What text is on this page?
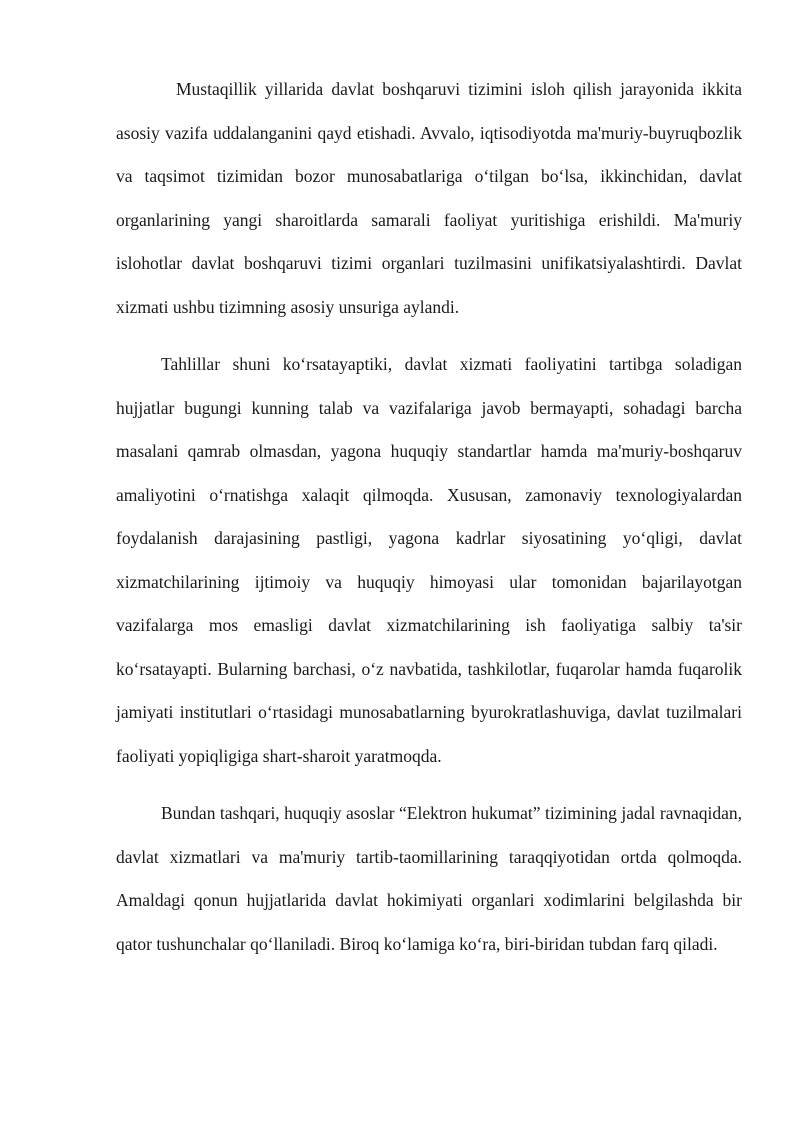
Mustaqillik yillarida davlat boshqaruvi tizimini isloh qilish jarayonida ikkita asosiy vazifa uddalanganini qayd etishadi. Avvalo, iqtisodiyotda ma'muriy-buyruqbozlik va taqsimot tizimidan bozor munosabatlariga oʻtilgan boʻlsa, ikkinchidan, davlat organlarining yangi sharoitlarda samarali faoliyat yuritishiga erishildi. Ma'muriy islohotlar davlat boshqaruvi tizimi organlari tuzilmasini unifikatsiyalashtirdi. Davlat xizmati ushbu tizimning asosiy unsuriga aylandi.

Tahlillar shuni koʻrsatayaptiki, davlat xizmati faoliyatini tartibga soladigan hujjatlar bugungi kunning talab va vazifalariga javob bermayapti, sohadagi barcha masalani qamrab olmasdan, yagona huquqiy standartlar hamda ma'muriy-boshqaruv amaliyotini oʻrnatishga xalaqit qilmoqda. Xususan, zamonaviy texnologiyalardan foydalanish darajasining pastligi, yagona kadrlar siyosatining yoʻqligi, davlat xizmatchilarining ijtimoiy va huquqiy himoyasi ular tomonidan bajarilayotgan vazifalarga mos emasligi davlat xizmatchilarining ish faoliyatiga salbiy ta'sir koʻrsatayapti. Bularning barchasi, oʻz navbatida, tashkilotlar, fuqarolar hamda fuqarolik jamiyati institutlari oʻrtasidagi munosabatlarning byurokratlashuviga, davlat tuzilmalari faoliyati yopiqligiga shart-sharoit yaratmoqda.

Bundan tashqari, huquqiy asoslar “Elektron hukumat” tizimining jadal ravnaqidan, davlat xizmatlari va ma'muriy tartib-taomillarining taraqqiyotidan ortda qolmoqda. Amaldagi qonun hujjatlarida davlat hokimiyati organlari xodimlarini belgilashda bir qator tushunchalar qoʻllaniladi. Biroq koʻlamiga koʻra, biri-biridan tubdan farq qiladi.
